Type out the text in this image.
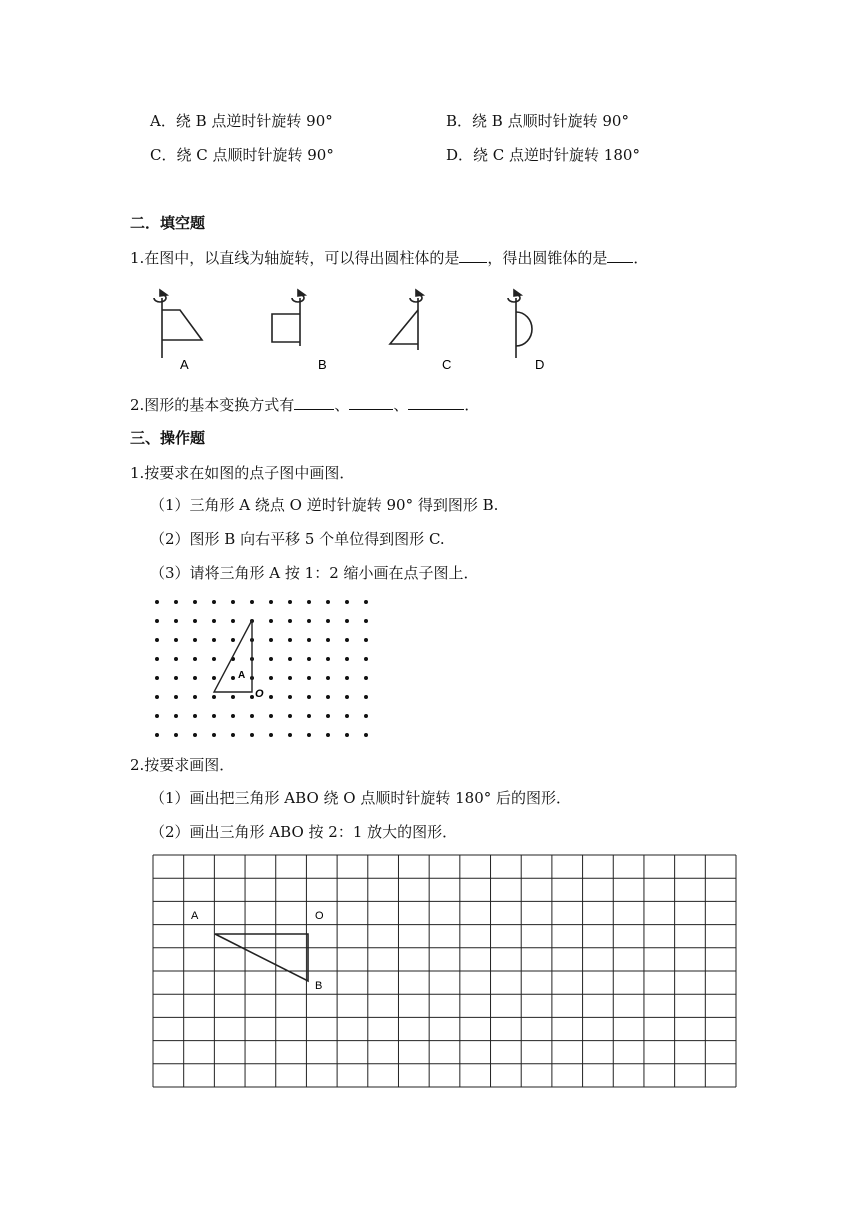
A．绕 B 点逆时针旋转 90°	B．绕 B 点顺时针旋转 90°
C．绕 C 点顺时针旋转 90°	D．绕 C 点逆时针旋转 180°
二．填空题
1.在图中，以直线为轴旋转，可以得出圆柱体的是 ，得出圆锥体的是 ．
A	B	C	D
2.图形的基本变换方式有	、	、	．
三、操作题
1.按要求在如图的点子图中画图．
（1）三角形 A 绕点 O 逆时针旋转 90° 得到图形 B.
（2）图形 B 向右平移 5 个单位得到图形 C.
（3）请将三角形 A 按 1：2 缩小画在点子图上．
A
O
2.按要求画图．
（1）画出把三角形 ABO 绕 O 点顺时针旋转 180° 后的图形．
（2）画出三角形 ABO 按 2：1 放大的图形．
A	O
B
